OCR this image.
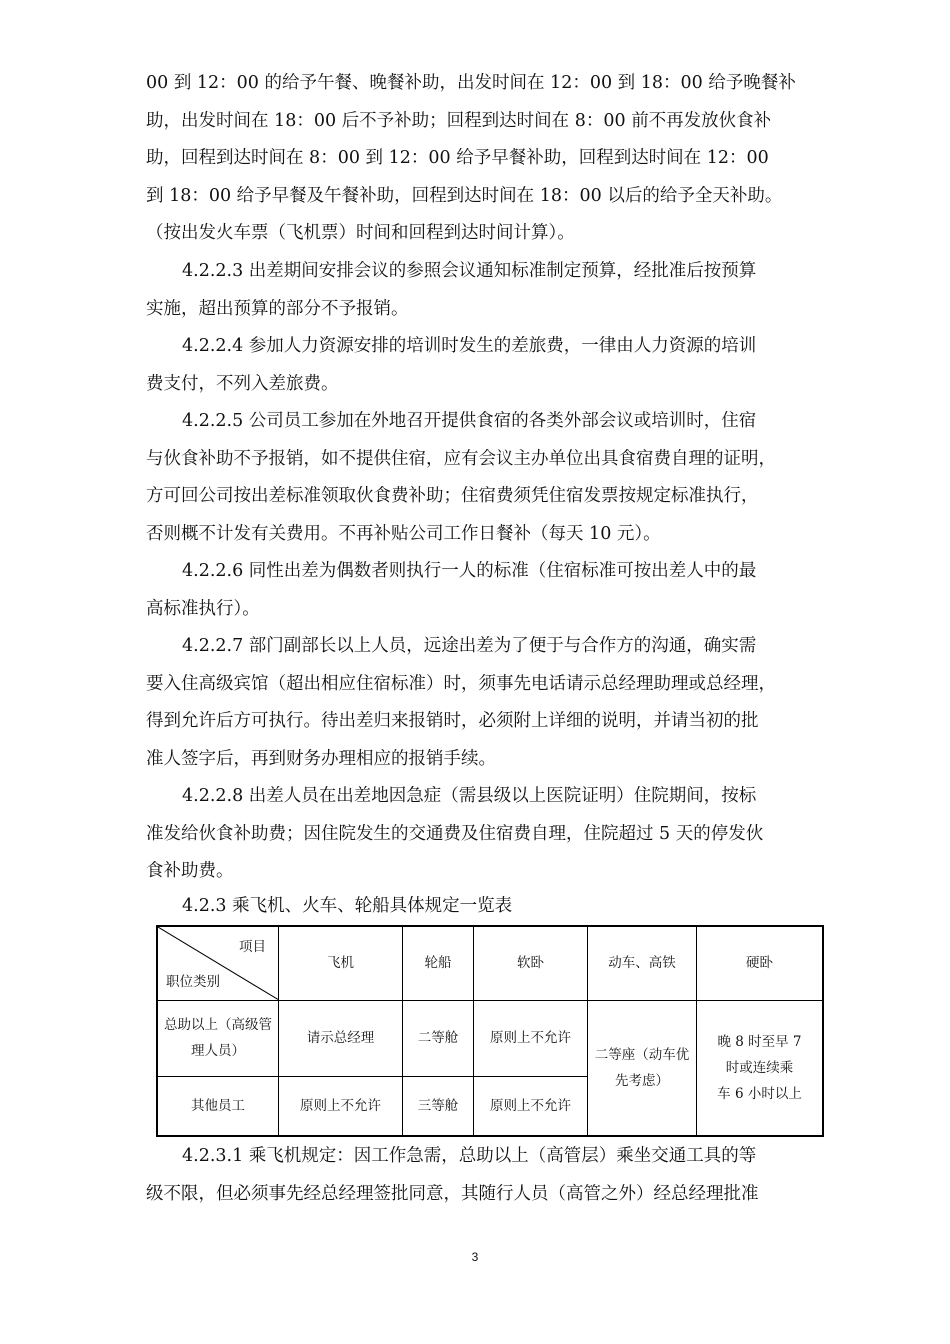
00 到 12：00 的给予午餐、晚餐补助，出发时间在 12：00 到 18：00 给予晚餐补
助，出发时间在 18：00 后不予补助；回程到达时间在 8：00 前不再发放伙食补
助，回程到达时间在 8：00 到 12：00 给予早餐补助，回程到达时间在 12：00
到 18：00 给予早餐及午餐补助，回程到达时间在 18：00 以后的给予全天补助。
（按出发火车票（飞机票）时间和回程到达时间计算）。
4.2.2.3 出差期间安排会议的参照会议通知标准制定预算，经批准后按预算
实施，超出预算的部分不予报销。
4.2.2.4 参加人力资源安排的培训时发生的差旅费，一律由人力资源的培训
费支付，不列入差旅费。
4.2.2.5 公司员工参加在外地召开提供食宿的各类外部会议或培训时，住宿
与伙食补助不予报销，如不提供住宿，应有会议主办单位出具食宿费自理的证明，
方可回公司按出差标准领取伙食费补助；住宿费须凭住宿发票按规定标准执行，
否则概不计发有关费用。不再补贴公司工作日餐补（每天 10 元）。
4.2.2.6 同性出差为偶数者则执行一人的标准（住宿标准可按出差人中的最
高标准执行）。
4.2.2.7 部门副部长以上人员，远途出差为了便于与合作方的沟通，确实需
要入住高级宾馆（超出相应住宿标准）时，须事先电话请示总经理助理或总经理，
得到允许后方可执行。待出差归来报销时，必须附上详细的说明，并请当初的批
准人签字后，再到财务办理相应的报销手续。
4.2.2.8 出差人员在出差地因急症（需县级以上医院证明）住院期间，按标
准发给伙食补助费；因住院发生的交通费及住宿费自理，住院超过 5 天的停发伙
食补助费。
4.2.3 乘飞机、火车、轮船具体规定一览表
项目
职位类别	飞机	轮船	软卧	动车、高铁	硬卧

总助以上（高级管
理人员）	请示总经理	二等舱	原则上不允许	二等座（动车优
先考虑）	晚 8 时至早 7
时或连续乘
车 6 小时以上

其他员工	原则上不允许	三等舱	原则上不允许		
4.2.3.1 乘飞机规定：因工作急需，总助以上（高管层）乘坐交通工具的等
级不限，但必须事先经总经理签批同意，其随行人员（高管之外）经总经理批准
3
